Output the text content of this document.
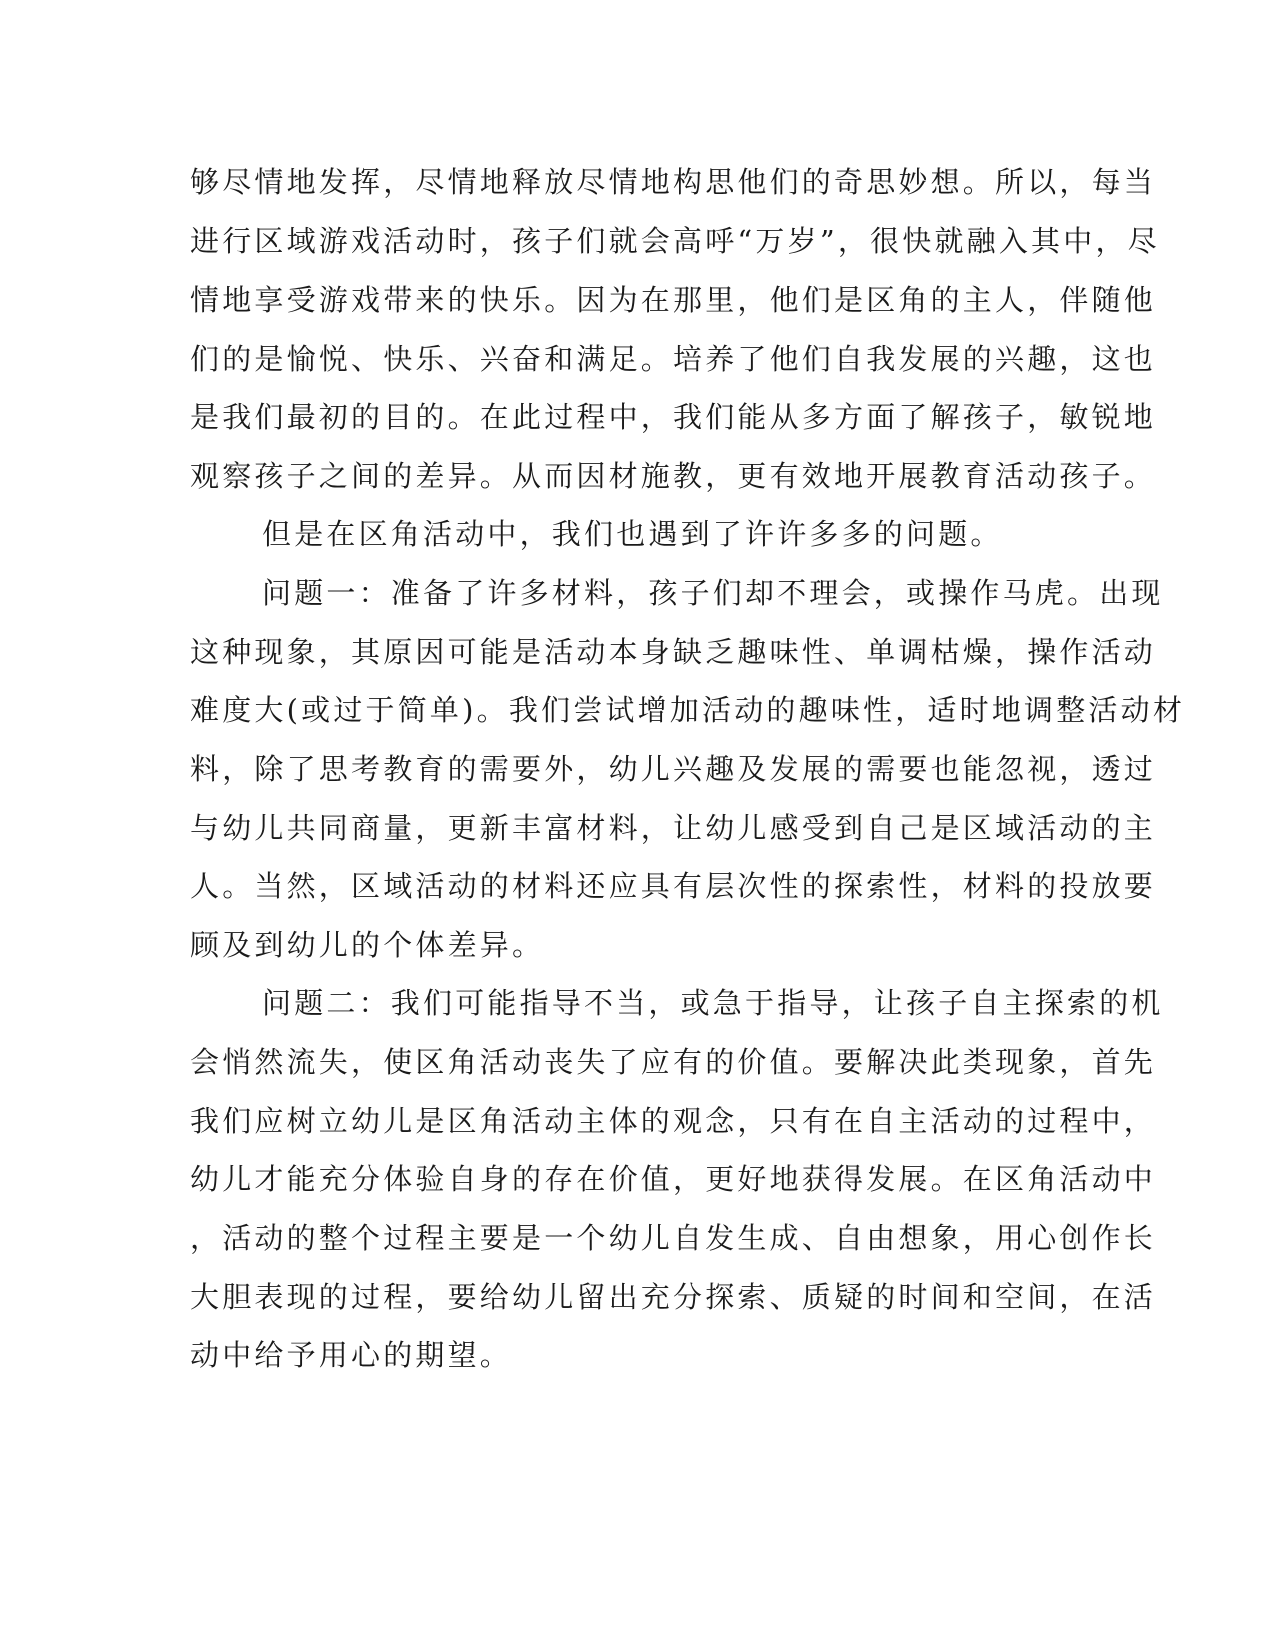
够尽情地发挥，尽情地释放尽情地构思他们的奇思妙想。所以，每当
进行区域游戏活动时，孩子们就会高呼“万岁”，很快就融入其中，尽
情地享受游戏带来的快乐。因为在那里，他们是区角的主人，伴随他
们的是愉悦、快乐、兴奋和满足。培养了他们自我发展的兴趣，这也
是我们最初的目的。在此过程中，我们能从多方面了解孩子，敏锐地
观察孩子之间的差异。从而因材施教，更有效地开展教育活动孩子。
但是在区角活动中，我们也遇到了许许多多的问题。
问题一：准备了许多材料，孩子们却不理会，或操作马虎。出现
这种现象，其原因可能是活动本身缺乏趣味性、单调枯燥，操作活动
难度大(或过于简单)。我们尝试增加活动的趣味性，适时地调整活动材
料，除了思考教育的需要外，幼儿兴趣及发展的需要也能忽视，透过
与幼儿共同商量，更新丰富材料，让幼儿感受到自己是区域活动的主
人。当然，区域活动的材料还应具有层次性的探索性，材料的投放要
顾及到幼儿的个体差异。
问题二：我们可能指导不当，或急于指导，让孩子自主探索的机
会悄然流失，使区角活动丧失了应有的价值。要解决此类现象，首先
我们应树立幼儿是区角活动主体的观念，只有在自主活动的过程中，
幼儿才能充分体验自身的存在价值，更好地获得发展。在区角活动中
，活动的整个过程主要是一个幼儿自发生成、自由想象，用心创作长
大胆表现的过程，要给幼儿留出充分探索、质疑的时间和空间，在活
动中给予用心的期望。
